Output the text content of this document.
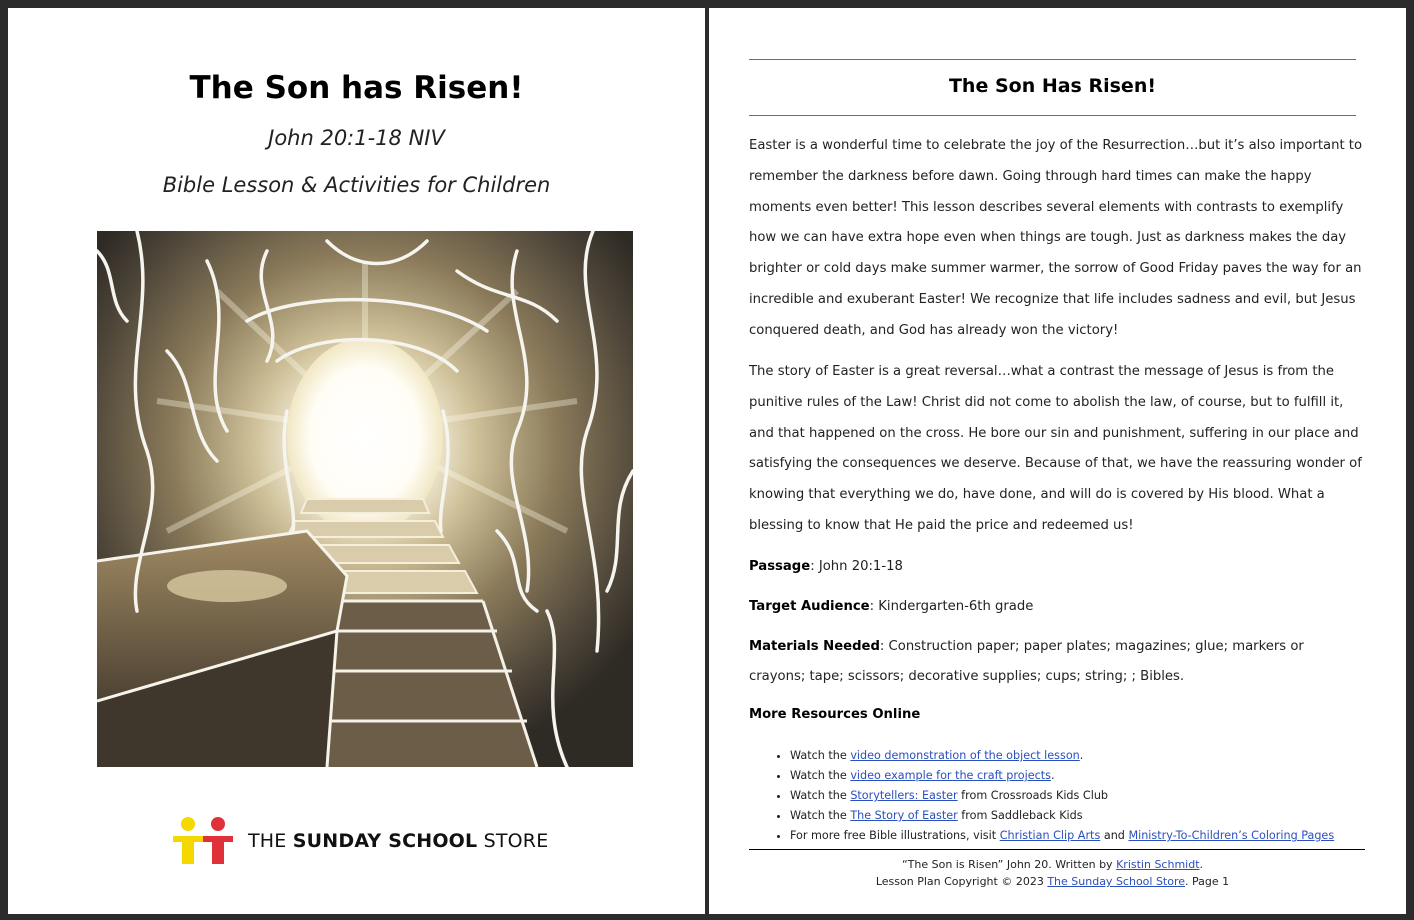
The Son has Risen!
John 20:1-18 NIV
Bible Lesson & Activities for Children
THE SUNDAY SCHOOL STORE
The Son Has Risen!
Easter is a wonderful time to celebrate the joy of the Resurrection…but it’s also important to remember the darkness before dawn. Going through hard times can make the happy moments even better! This lesson describes several elements with contrasts to exemplify how we can have extra hope even when things are tough. Just as darkness makes the day brighter or cold days make summer warmer, the sorrow of Good Friday paves the way for an incredible and exuberant Easter! We recognize that life includes sadness and evil, but Jesus conquered death, and God has already won the victory!
The story of Easter is a great reversal…what a contrast the message of Jesus is from the punitive rules of the Law! Christ did not come to abolish the law, of course, but to fulfill it, and that happened on the cross. He bore our sin and punishment, suffering in our place and satisfying the consequences we deserve. Because of that, we have the reassuring wonder of knowing that everything we do, have done, and will do is covered by His blood. What a blessing to know that He paid the price and redeemed us!
Passage: John 20:1-18
Target Audience: Kindergarten-6th grade
Materials Needed: Construction paper; paper plates; magazines; glue; markers or crayons; tape; scissors; decorative supplies; cups; string; ; Bibles.
More Resources Online
• Watch the video demonstration of the object lesson.
• Watch the video example for the craft projects.
• Watch the Storytellers: Easter from Crossroads Kids Club
• Watch the The Story of Easter from Saddleback Kids
• For more free Bible illustrations, visit Christian Clip Arts and Ministry-To-Children’s Coloring Pages
“The Son is Risen” John 20. Written by Kristin Schmidt.
Lesson Plan Copyright © 2023 The Sunday School Store. Page 1
